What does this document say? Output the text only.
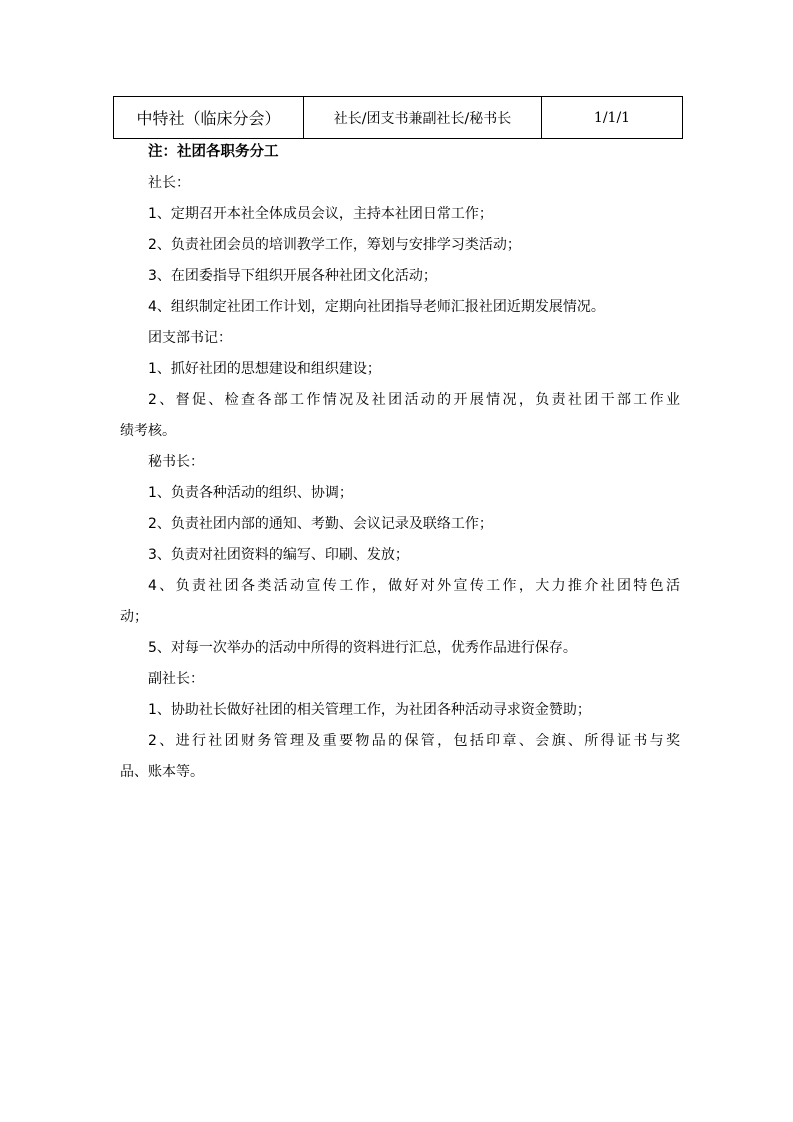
中特社（临床分会）	社长/团支书兼副社长/秘书长	1/1/1
注：社团各职务分工
社长：
1、定期召开本社全体成员会议，主持本社团日常工作；
2、负责社团会员的培训教学工作，筹划与安排学习类活动；
3、在团委指导下组织开展各种社团文化活动；
4、组织制定社团工作计划，定期向社团指导老师汇报社团近期发展情况。
团支部书记：
1、抓好社团的思想建设和组织建设；
2、督促、检查各部工作情况及社团活动的开展情况，负责社团干部工作业
绩考核。
秘书长：
1、负责各种活动的组织、协调；
2、负责社团内部的通知、考勤、会议记录及联络工作；
3、负责对社团资料的编写、印刷、发放；
4、负责社团各类活动宣传工作，做好对外宣传工作，大力推介社团特色活
动；
5、对每一次举办的活动中所得的资料进行汇总，优秀作品进行保存。
副社长：
1、协助社长做好社团的相关管理工作，为社团各种活动寻求资金赞助；
2、进行社团财务管理及重要物品的保管，包括印章、会旗、所得证书与奖
品、账本等。
